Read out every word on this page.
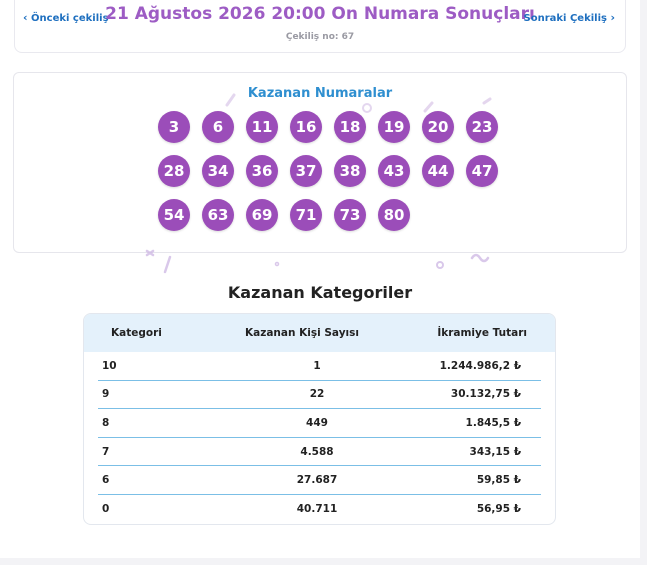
‹ Önceki çekiliş
21 Ağustos 2026 20:00 On Numara Sonuçları
Sonraki Çekiliş ›
Çekiliş no: 67
Kazanan Numaralar
3	6	11	16	18	19	20	23
28	34	36	37	38	43	44	47
54	63	69	71	73	80
Kazanan Kategoriler
Kategori	Kazanan Kişi Sayısı	İkramiye Tutarı
10	1	1.244.986,2 ₺
9	22	30.132,75 ₺
8	449	1.845,5 ₺
7	4.588	343,15 ₺
6	27.687	59,85 ₺
0	40.711	56,95 ₺
